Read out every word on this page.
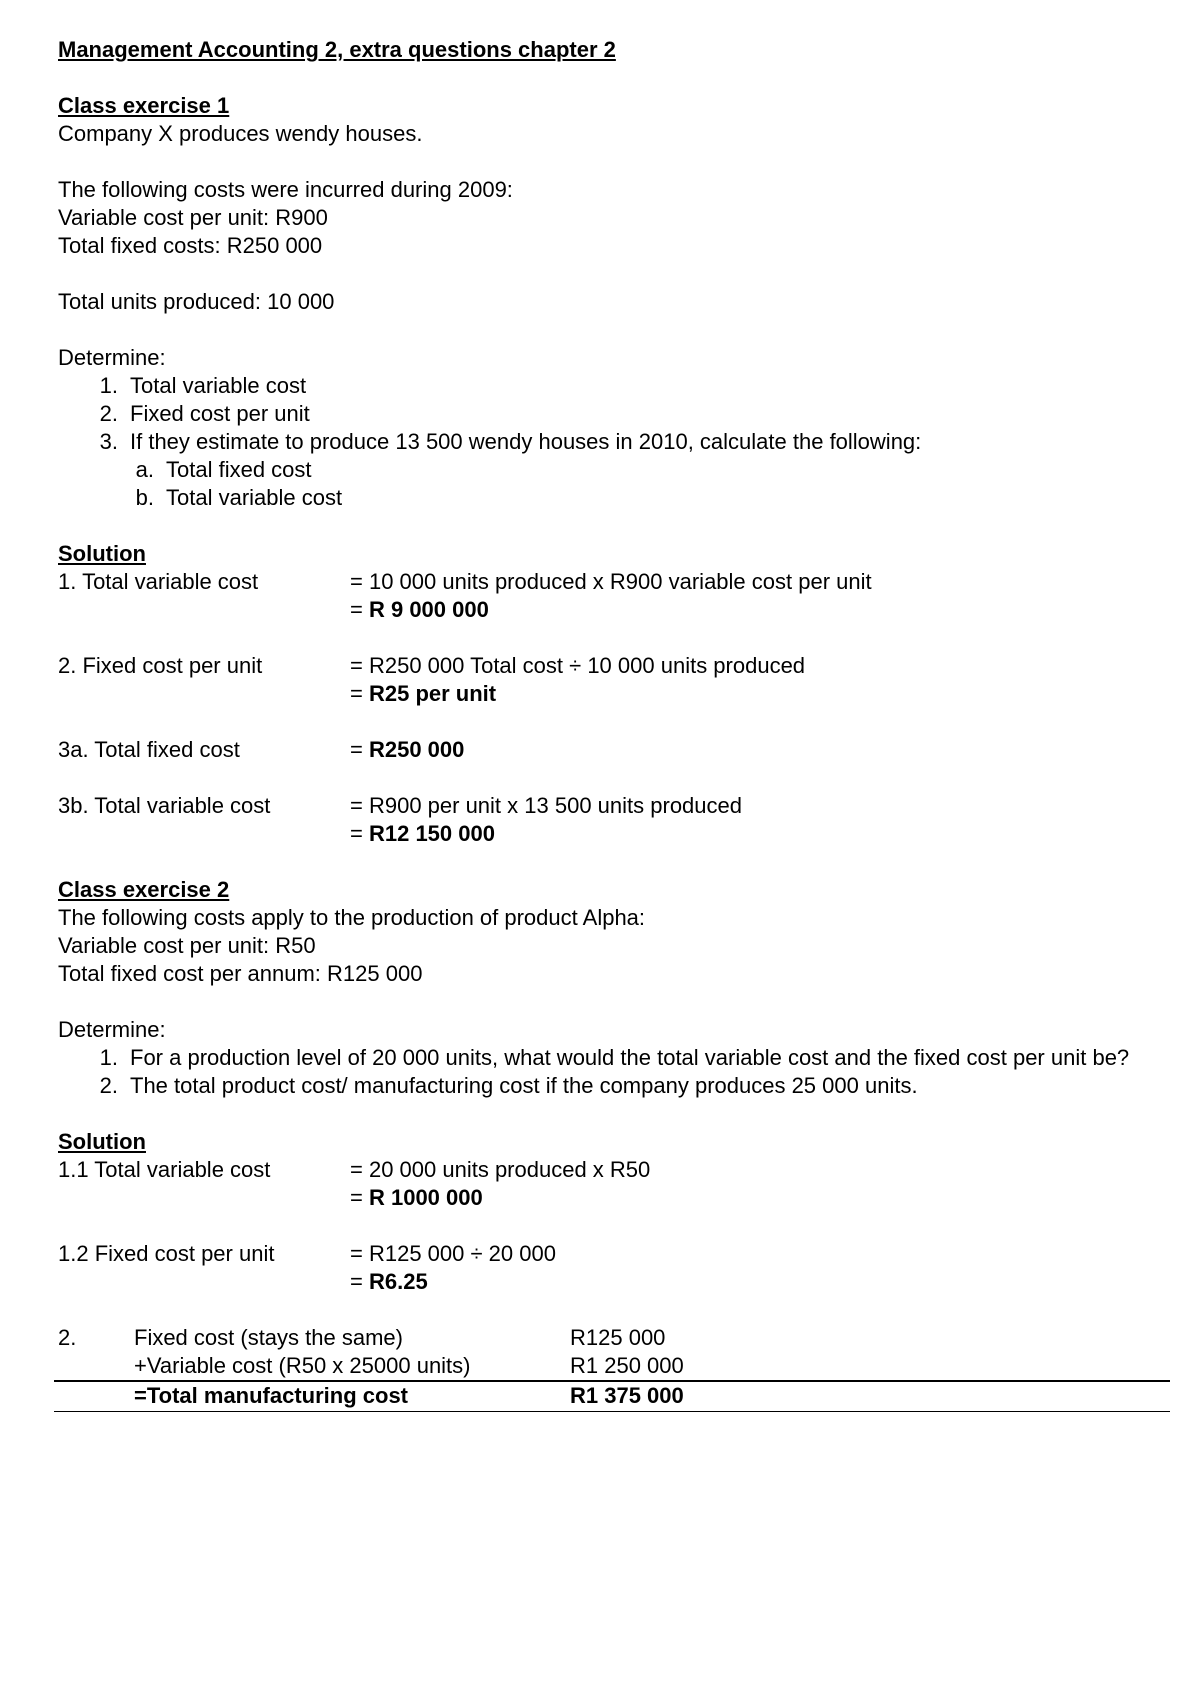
Management Accounting 2, extra questions chapter 2
Class exercise 1
Company X produces wendy houses.
The following costs were incurred during 2009:
Variable cost per unit: R900
Total fixed costs: R250 000
Total units produced: 10 000
Determine:
1. Total variable cost
2. Fixed cost per unit
3. If they estimate to produce 13 500 wendy houses in 2010, calculate the following:
a. Total fixed cost
b. Total variable cost
Solution
1. Total variable cost	= 10 000 units produced x R900 variable cost per unit
= R 9 000 000
2. Fixed cost per unit	= R250 000 Total cost ÷ 10 000 units produced
= R25 per unit
3a. Total fixed cost	= R250 000
3b. Total variable cost	= R900 per unit x 13 500 units produced
= R12 150 000
Class exercise 2
The following costs apply to the production of product Alpha:
Variable cost per unit: R50
Total fixed cost per annum: R125 000
Determine:
1. For a production level of 20 000 units, what would the total variable cost and the fixed cost per unit be?
2. The total product cost/ manufacturing cost if the company produces 25 000 units.
Solution
1.1 Total variable cost	= 20 000 units produced x R50
= R 1000 000
1.2 Fixed cost per unit	= R125 000 ÷ 20 000
= R6.25
2.	Fixed cost (stays the same)	R125 000
+Variable cost (R50 x 25000 units)	R1 250 000
=Total manufacturing cost	R1 375 000
